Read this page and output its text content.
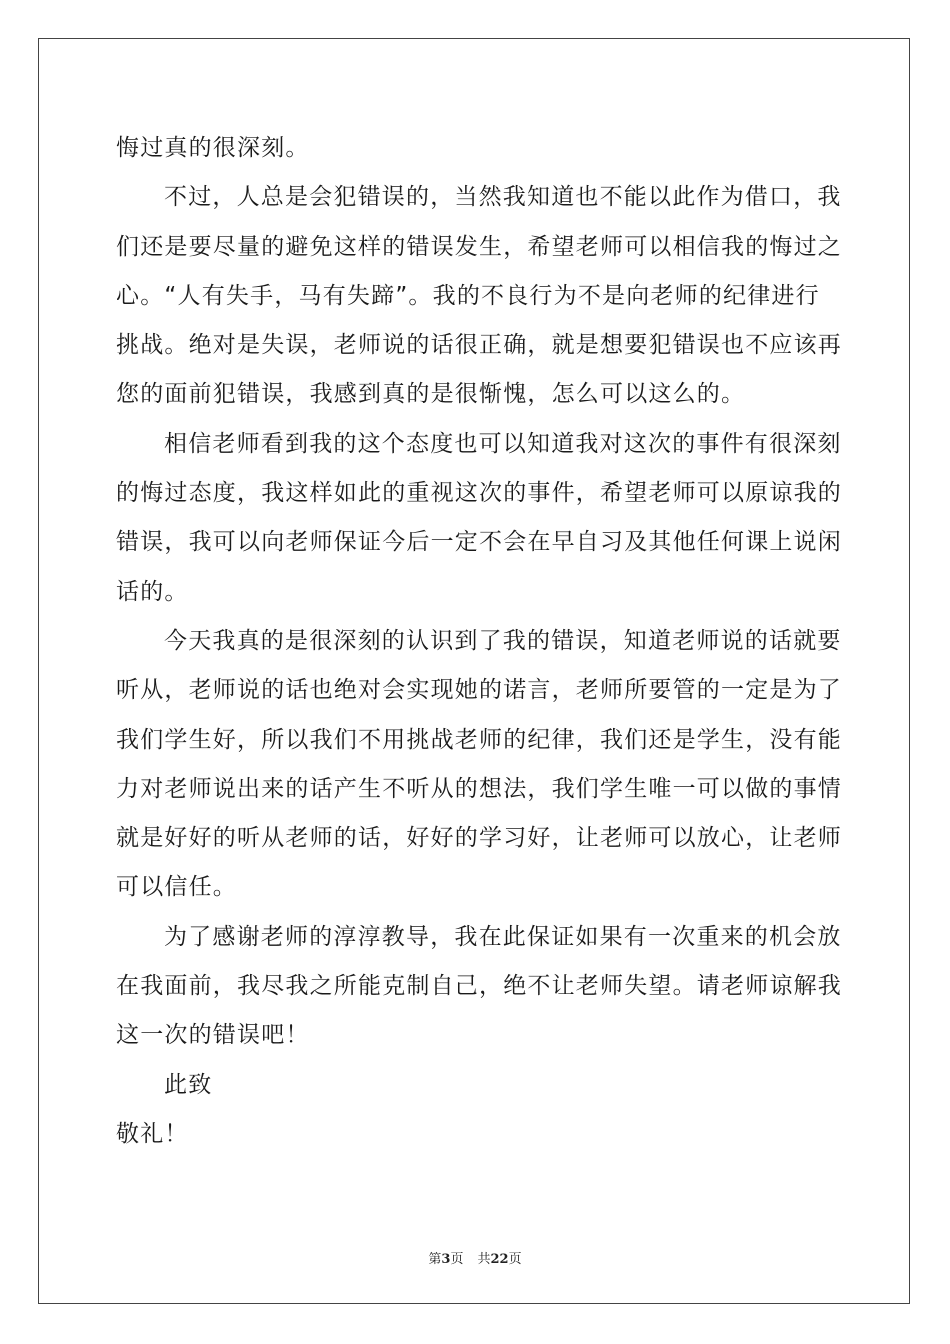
悔过真的很深刻。
不过，人总是会犯错误的，当然我知道也不能以此作为借口，我
们还是要尽量的避免这样的错误发生，希望老师可以相信我的悔过之
心。“人有失手，马有失蹄”。我的不良行为不是向老师的纪律进行
挑战。绝对是失误，老师说的话很正确，就是想要犯错误也不应该再
您的面前犯错误，我感到真的是很惭愧，怎么可以这么的。
相信老师看到我的这个态度也可以知道我对这次的事件有很深刻
的悔过态度，我这样如此的重视这次的事件，希望老师可以原谅我的
错误，我可以向老师保证今后一定不会在早自习及其他任何课上说闲
话的。
今天我真的是很深刻的认识到了我的错误，知道老师说的话就要
听从，老师说的话也绝对会实现她的诺言，老师所要管的一定是为了
我们学生好，所以我们不用挑战老师的纪律，我们还是学生，没有能
力对老师说出来的话产生不听从的想法，我们学生唯一可以做的事情
就是好好的听从老师的话，好好的学习好，让老师可以放心，让老师
可以信任。
为了感谢老师的淳淳教导，我在此保证如果有一次重来的机会放
在我面前，我尽我之所能克制自己，绝不让老师失望。请老师谅解我
这一次的错误吧！
此致
敬礼！
第3页 共22页
